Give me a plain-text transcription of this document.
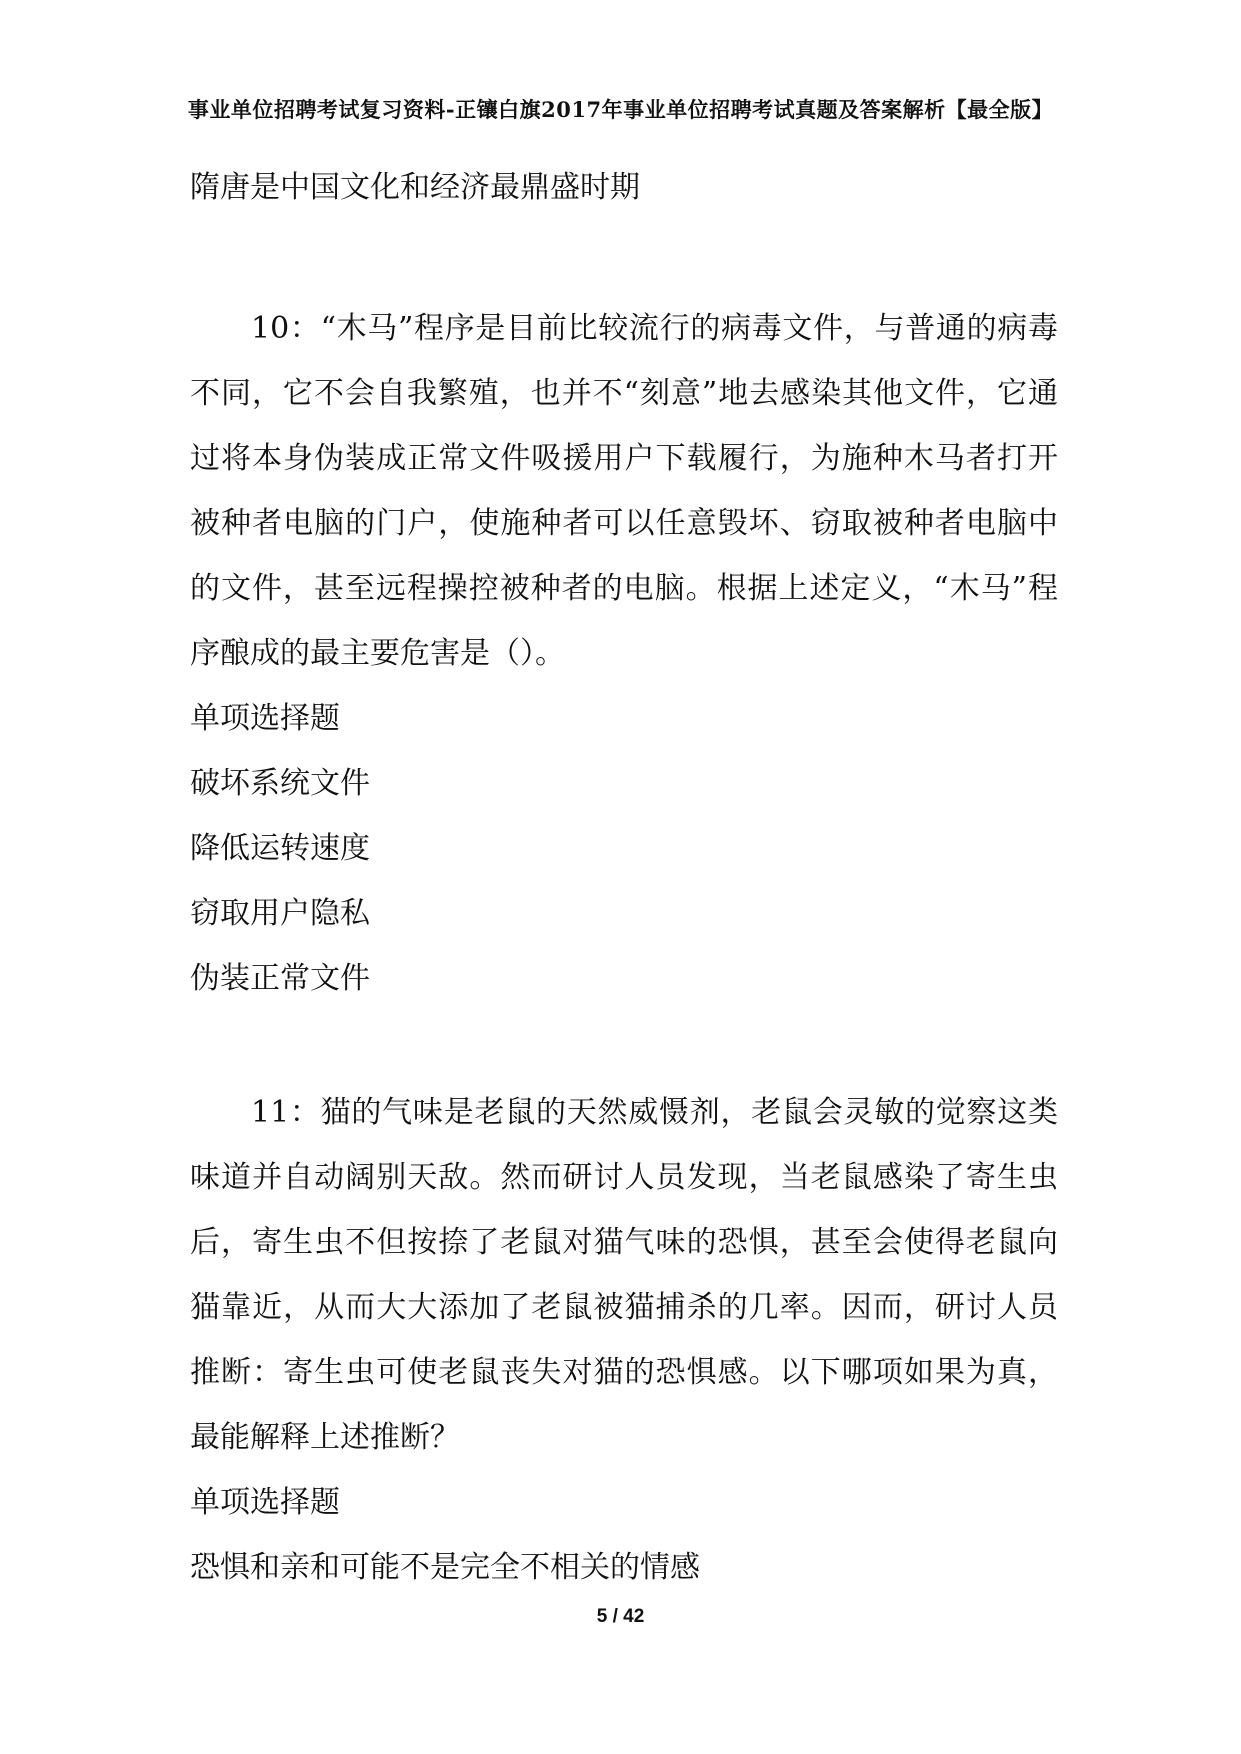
事业单位招聘考试复习资料-正镶白旗2017年事业单位招聘考试真题及答案解析【最全版】

隋唐是中国文化和经济最鼎盛时期

10：“木马”程序是目前比较流行的病毒文件，与普通的病毒不同，它不会自我繁殖，也并不“刻意”地去感染其他文件，它通过将本身伪装成正常文件吸援用户下载履行，为施种木马者打开被种者电脑的门户，使施种者可以任意毁坏、窃取被种者电脑中的文件，甚至远程操控被种者的电脑。根据上述定义，“木马”程序酿成的最主要危害是（）。

单项选择题

破坏系统文件

降低运转速度

窃取用户隐私

伪装正常文件

11：猫的气味是老鼠的天然威慑剂，老鼠会灵敏的觉察这类味道并自动阔别天敌。然而研讨人员发现，当老鼠感染了寄生虫后，寄生虫不但按捺了老鼠对猫气味的恐惧，甚至会使得老鼠向猫靠近，从而大大添加了老鼠被猫捕杀的几率。因而，研讨人员推断：寄生虫可使老鼠丧失对猫的恐惧感。以下哪项如果为真，最能解释上述推断？

单项选择题

恐惧和亲和可能不是完全不相关的情感

5 / 42
